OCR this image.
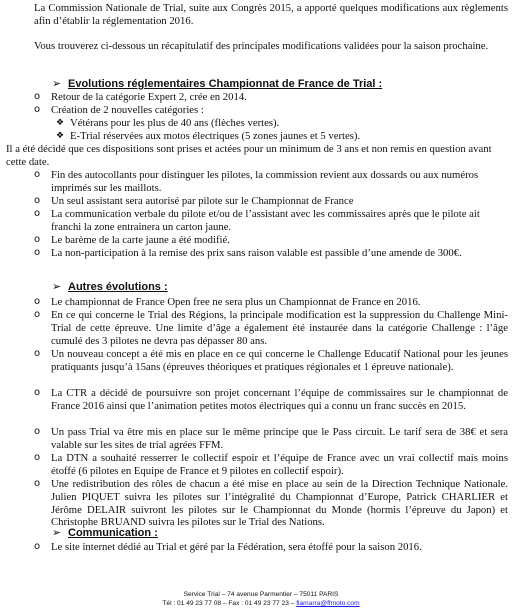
La Commission Nationale de Trial, suite aux Congrès 2015, a apporté quelques modifications aux règlements afin d’établir la réglementation 2016.
Vous trouverez ci-dessous un récapitulatif des principales modifications validées pour la saison prochaine.
➢ Evolutions réglementaires Championnat de France de Trial :
o	Retour de la catégorie Expert 2, crée en 2014.
o	Création de 2 nouvelles catégories :
❖ Vétérans pour les plus de 40 ans (flèches vertes).
❖ E-Trial réservées aux motos électriques (5 zones jaunes et 5 vertes).
Il a été décidé que ces dispositions sont prises et actées pour un minimum de 3 ans et non remis en question avant cette date.
o	Fin des autocollants pour distinguer les pilotes, la commission revient aux dossards ou aux numéros imprimés sur les maillots.
o	Un seul assistant sera autorisé par pilote sur le Championnat de France
o	La communication verbale du pilote et/ou de l’assistant avec les commissaires après que le pilote ait franchi la zone entrainera un carton jaune.
o	Le barème de la carte jaune a été modifié.
o	La non-participation à la remise des prix sans raison valable est passible d’une amende de 300€.
➢ Autres évolutions :
o	Le championnat de France Open free ne sera plus un Championnat de France en 2016.
o	En ce qui concerne le Trial des Régions, la principale modification est la suppression du Challenge Mini-Trial de cette épreuve. Une limite d’âge a également été instaurée dans la catégorie Challenge : l’âge cumulé des 3 pilotes ne devra pas dépasser 80 ans.
o	Un nouveau concept a été mis en place en ce qui concerne le Challenge Educatif National pour les jeunes pratiquants jusqu’à 15ans (épreuves théoriques et pratiques régionales et 1 épreuve nationale).
o	La CTR a décidé de poursuivre son projet concernant l’équipe de commissaires sur le championnat de France 2016 ainsi que l’animation petites motos électriques qui a connu un franc succès en 2015.
o	Un pass Trial va être mis en place sur le même principe que le Pass circuit. Le tarif sera de 38€ et sera valable sur les sites de trial agrées FFM.
o	La DTN a souhaité resserrer le collectif espoir et l’équipe de France avec un vrai collectif mais moins étoffé (6 pilotes en Equipe de France et 9 pilotes en collectif espoir).
o	Une redistribution des rôles de chacun a été mise en place au sein de la Direction Technique Nationale. Julien PIQUET suivra les pilotes sur l’intégralité du Championnat d’Europe, Patrick CHARLIER et Jérôme DELAIR suivront les pilotes sur le Championnat du Monde (hormis l’épreuve du Japon) et Christophe BRUAND suivra les pilotes sur le Trial des Nations.
➢ Communication :
o	Le site internet dédié au Trial et géré par la Fédération, sera étoffé pour la saison 2016.
Service Trial – 74 avenue Parmentier – 75011 PARIS
Tél : 01 49 23 77 08 – Fax : 01 49 23 77 23 – flamarra@ffmoto.com
